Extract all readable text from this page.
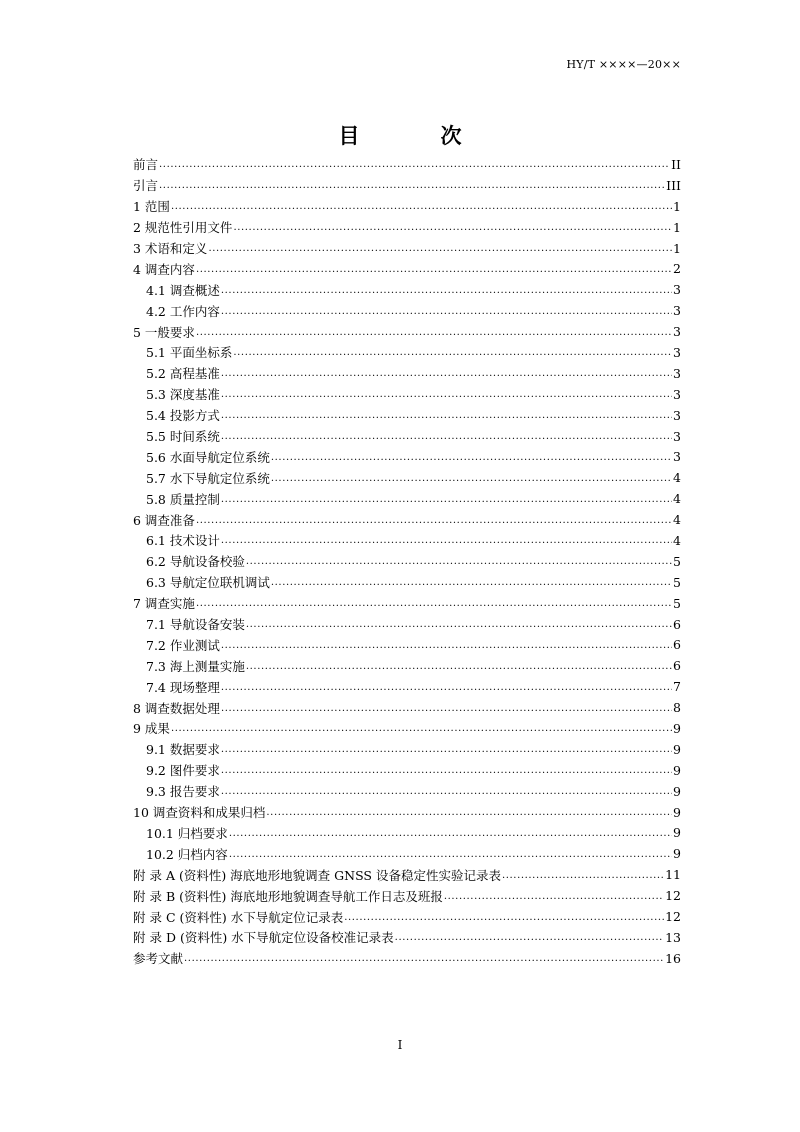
HY/T ××××—20××
目　次
前言 .....	II
引言 .....	III
1 范围 .....	1
2 规范性引用文件 .....	1
3 术语和定义 .....	1
4 调查内容 .....	2
4.1 调查概述 .....	3
4.2 工作内容 .....	3
5 一般要求 .....	3
5.1 平面坐标系 .....	3
5.2 高程基准 .....	3
5.3 深度基准 .....	3
5.4 投影方式 .....	3
5.5 时间系统 .....	3
5.6 水面导航定位系统 .....	3
5.7 水下导航定位系统 .....	4
5.8 质量控制 .....	4
6 调查准备 .....	4
6.1 技术设计 .....	4
6.2 导航设备校验 .....	5
6.3 导航定位联机调试 .....	5
7 调查实施 .....	5
7.1 导航设备安装 .....	6
7.2 作业测试 .....	6
7.3 海上测量实施 .....	6
7.4 现场整理 .....	7
8 调查数据处理 .....	8
9 成果 .....	9
9.1 数据要求 .....	9
9.2 图件要求 .....	9
9.3 报告要求 .....	9
10 调查资料和成果归档 .....	9
10.1 归档要求 .....	9
10.2 归档内容 .....	9
附 录 A (资料性) 海底地形地貌调查 GNSS 设备稳定性实验记录表 .....	11
附 录 B (资料性) 海底地形地貌调查导航工作日志及班报 .....	12
附 录 C (资料性) 水下导航定位记录表 .....	12
附 录 D (资料性) 水下导航定位设备校准记录表 .....	13
参考文献 .....	16
I
